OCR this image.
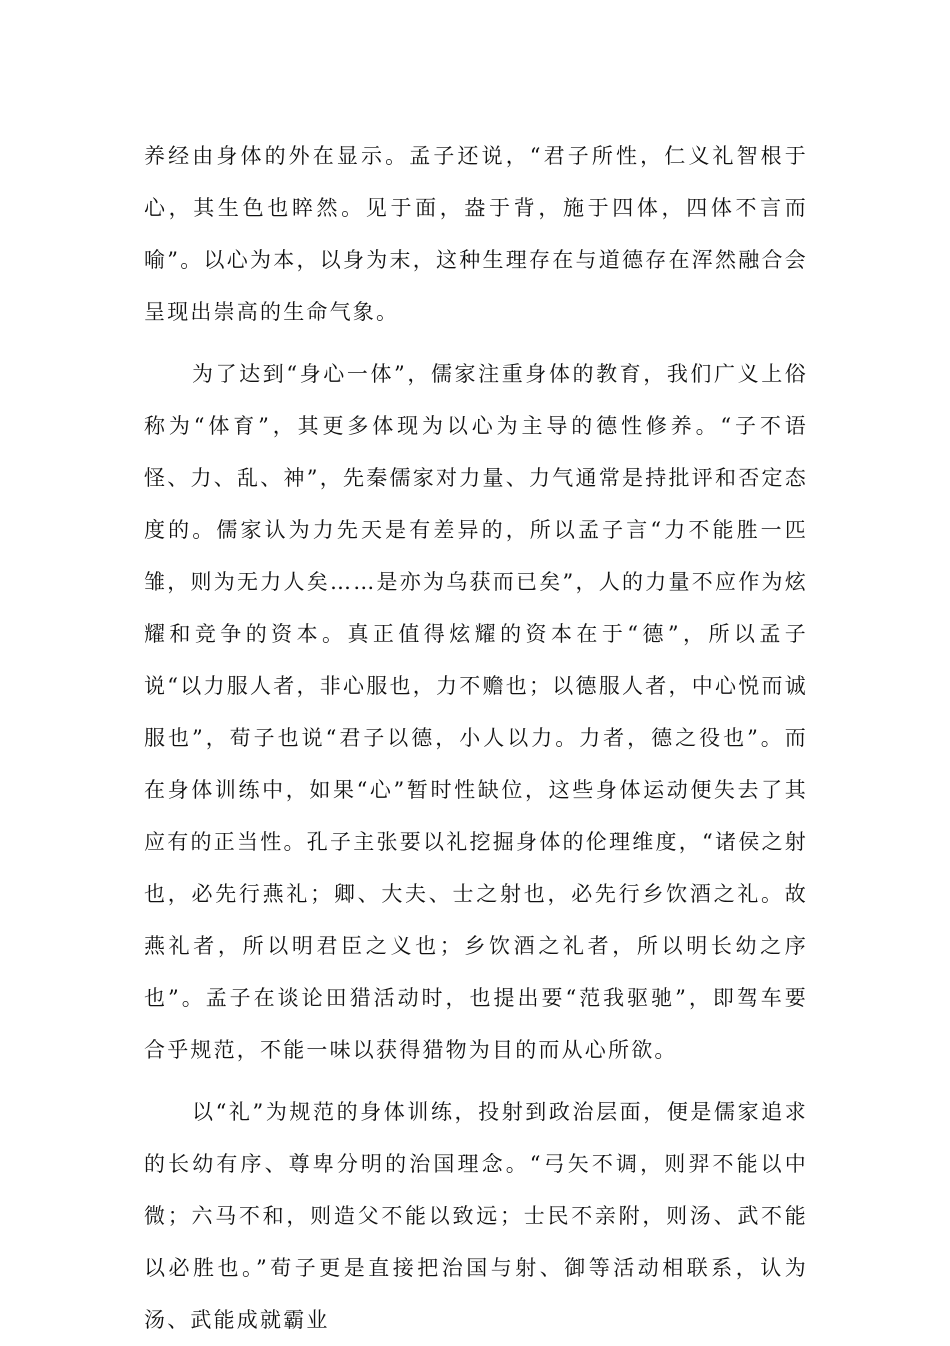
养经由身体的外在显示。孟子还说，“君子所性，仁义礼智根于心，其生色也睟然。见于面，盎于背，施于四体，四体不言而喻”。以心为本，以身为末，这种生理存在与道德存在浑然融合会呈现出崇高的生命气象。

为了达到“身心一体”，儒家注重身体的教育，我们广义上俗称为“体育”，其更多体现为以心为主导的德性修养。“子不语怪、力、乱、神”，先秦儒家对力量、力气通常是持批评和否定态度的。儒家认为力先天是有差异的，所以孟子言“力不能胜一匹雏，则为无力人矣……是亦为乌获而已矣”，人的力量不应作为炫耀和竞争的资本。真正值得炫耀的资本在于“德”，所以孟子说“以力服人者，非心服也，力不赡也；以德服人者，中心悦而诚服也”，荀子也说“君子以德，小人以力。力者，德之役也”。而在身体训练中，如果“心”暂时性缺位，这些身体运动便失去了其应有的正当性。孔子主张要以礼挖掘身体的伦理维度，“诸侯之射也，必先行燕礼；卿、大夫、士之射也，必先行乡饮酒之礼。故燕礼者，所以明君臣之义也；乡饮酒之礼者，所以明长幼之序也”。孟子在谈论田猎活动时，也提出要“范我驱驰”，即驾车要合乎规范，不能一味以获得猎物为目的而从心所欲。

以“礼”为规范的身体训练，投射到政治层面，便是儒家追求的长幼有序、尊卑分明的治国理念。“弓矢不调，则羿不能以中微；六马不和，则造父不能以致远；士民不亲附，则汤、武不能以必胜也。”荀子更是直接把治国与射、御等活动相联系，认为汤、武能成就霸业
